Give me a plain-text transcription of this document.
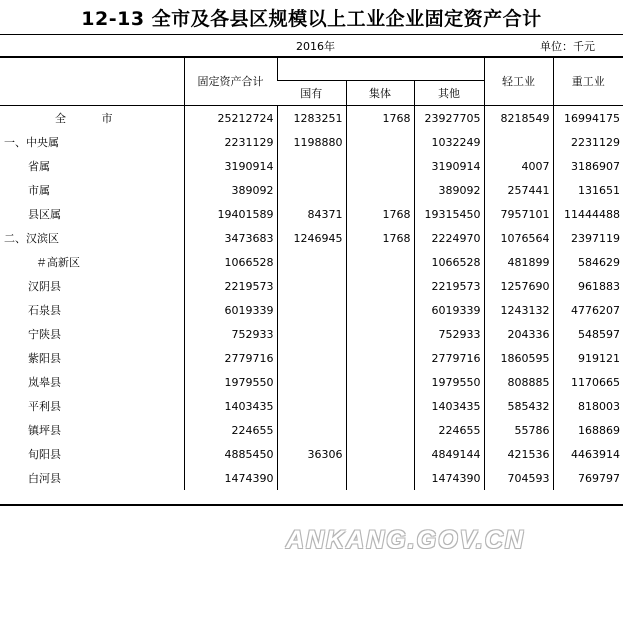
12-13 全市及各县区规模以上工业企业固定资产合计
2016年	单位：千元
	固定资产合计				轻工业	重工业
		国有	集体	其他		
全 市	25212724	1283251	1768	23927705	8218549	16994175
一、中央属	2231129	1198880		1032249		2231129
省属	3190914			3190914	4007	3186907
市属	389092			389092	257441	131651
县区属	19401589	84371	1768	19315450	7957101	11444488
二、汉滨区	3473683	1246945	1768	2224970	1076564	2397119
＃高新区	1066528			1066528	481899	584629
汉阴县	2219573			2219573	1257690	961883
石泉县	6019339			6019339	1243132	4776207
宁陕县	752933			752933	204336	548597
紫阳县	2779716			2779716	1860595	919121
岚皋县	1979550			1979550	808885	1170665
平利县	1403435			1403435	585432	818003
镇坪县	224655			224655	55786	168869
旬阳县	4885450	36306		4849144	421536	4463914
白河县	1474390			1474390	704593	769797
ANKANG.GOV.CN
